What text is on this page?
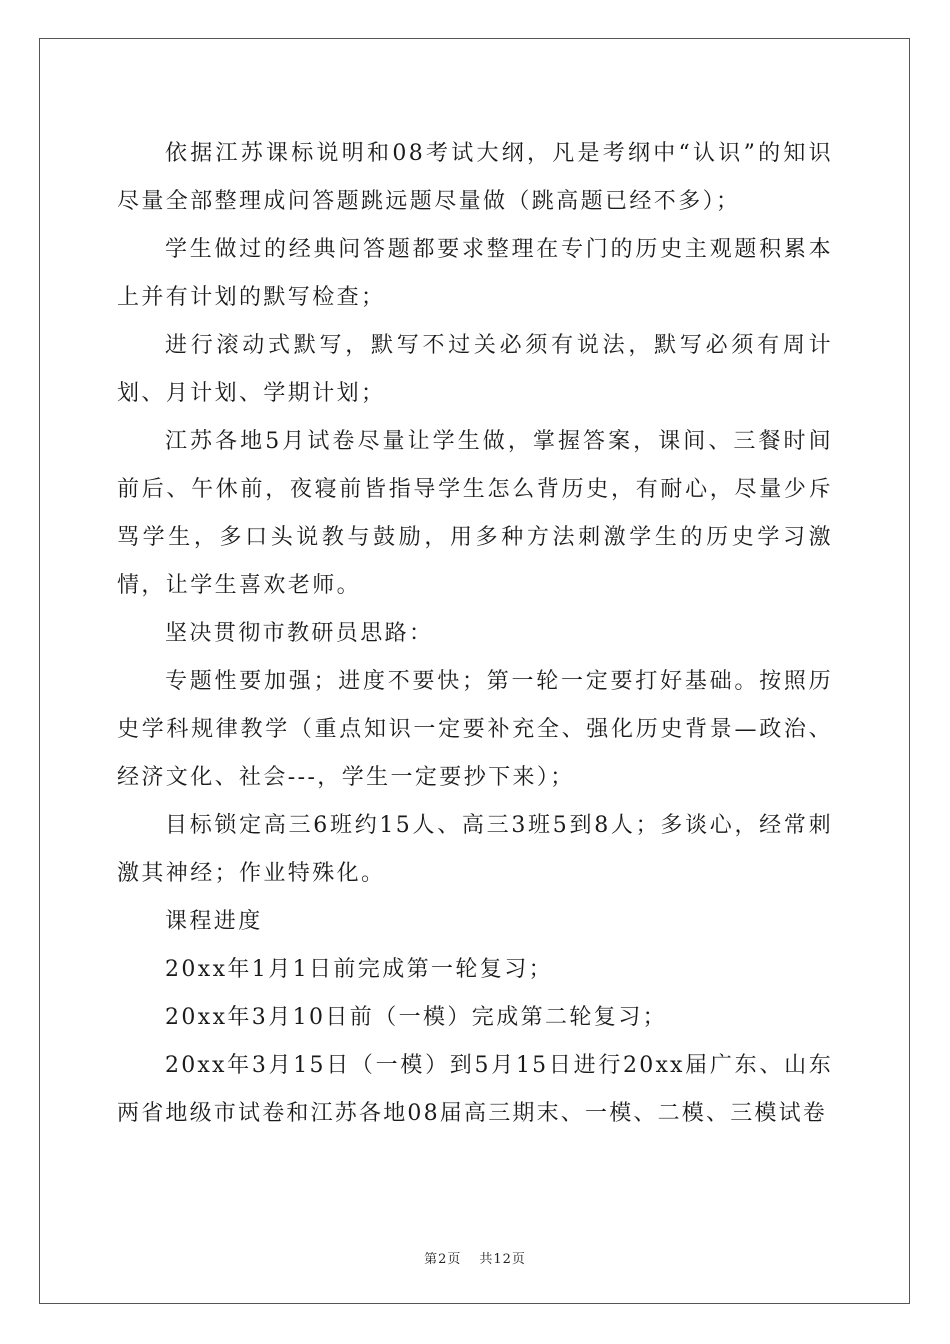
依据江苏课标说明和08考试大纲，凡是考纲中“认识”的知识尽量全部整理成问答题跳远题尽量做（跳高题已经不多）；

学生做过的经典问答题都要求整理在专门的历史主观题积累本上并有计划的默写检查；

进行滚动式默写，默写不过关必须有说法，默写必须有周计划、月计划、学期计划；

江苏各地5月试卷尽量让学生做，掌握答案，课间、三餐时间前后、午休前，夜寝前皆指导学生怎么背历史，有耐心，尽量少斥骂学生，多口头说教与鼓励，用多种方法刺激学生的历史学习激情，让学生喜欢老师。

坚决贯彻市教研员思路：

专题性要加强；进度不要快；第一轮一定要打好基础。按照历史学科规律教学（重点知识一定要补充全、强化历史背景—政治、经济文化、社会---，学生一定要抄下来）；

目标锁定高三6班约15人、高三3班5到8人；多谈心，经常刺激其神经；作业特殊化。

课程进度

20xx年1月1日前完成第一轮复习；

20xx年3月10日前（一模）完成第二轮复习；

20xx年3月15日（一模）到5月15日进行20xx届广东、山东两省地级市试卷和江苏各地08届高三期末、一模、二模、三模试卷

第2页 共12页
